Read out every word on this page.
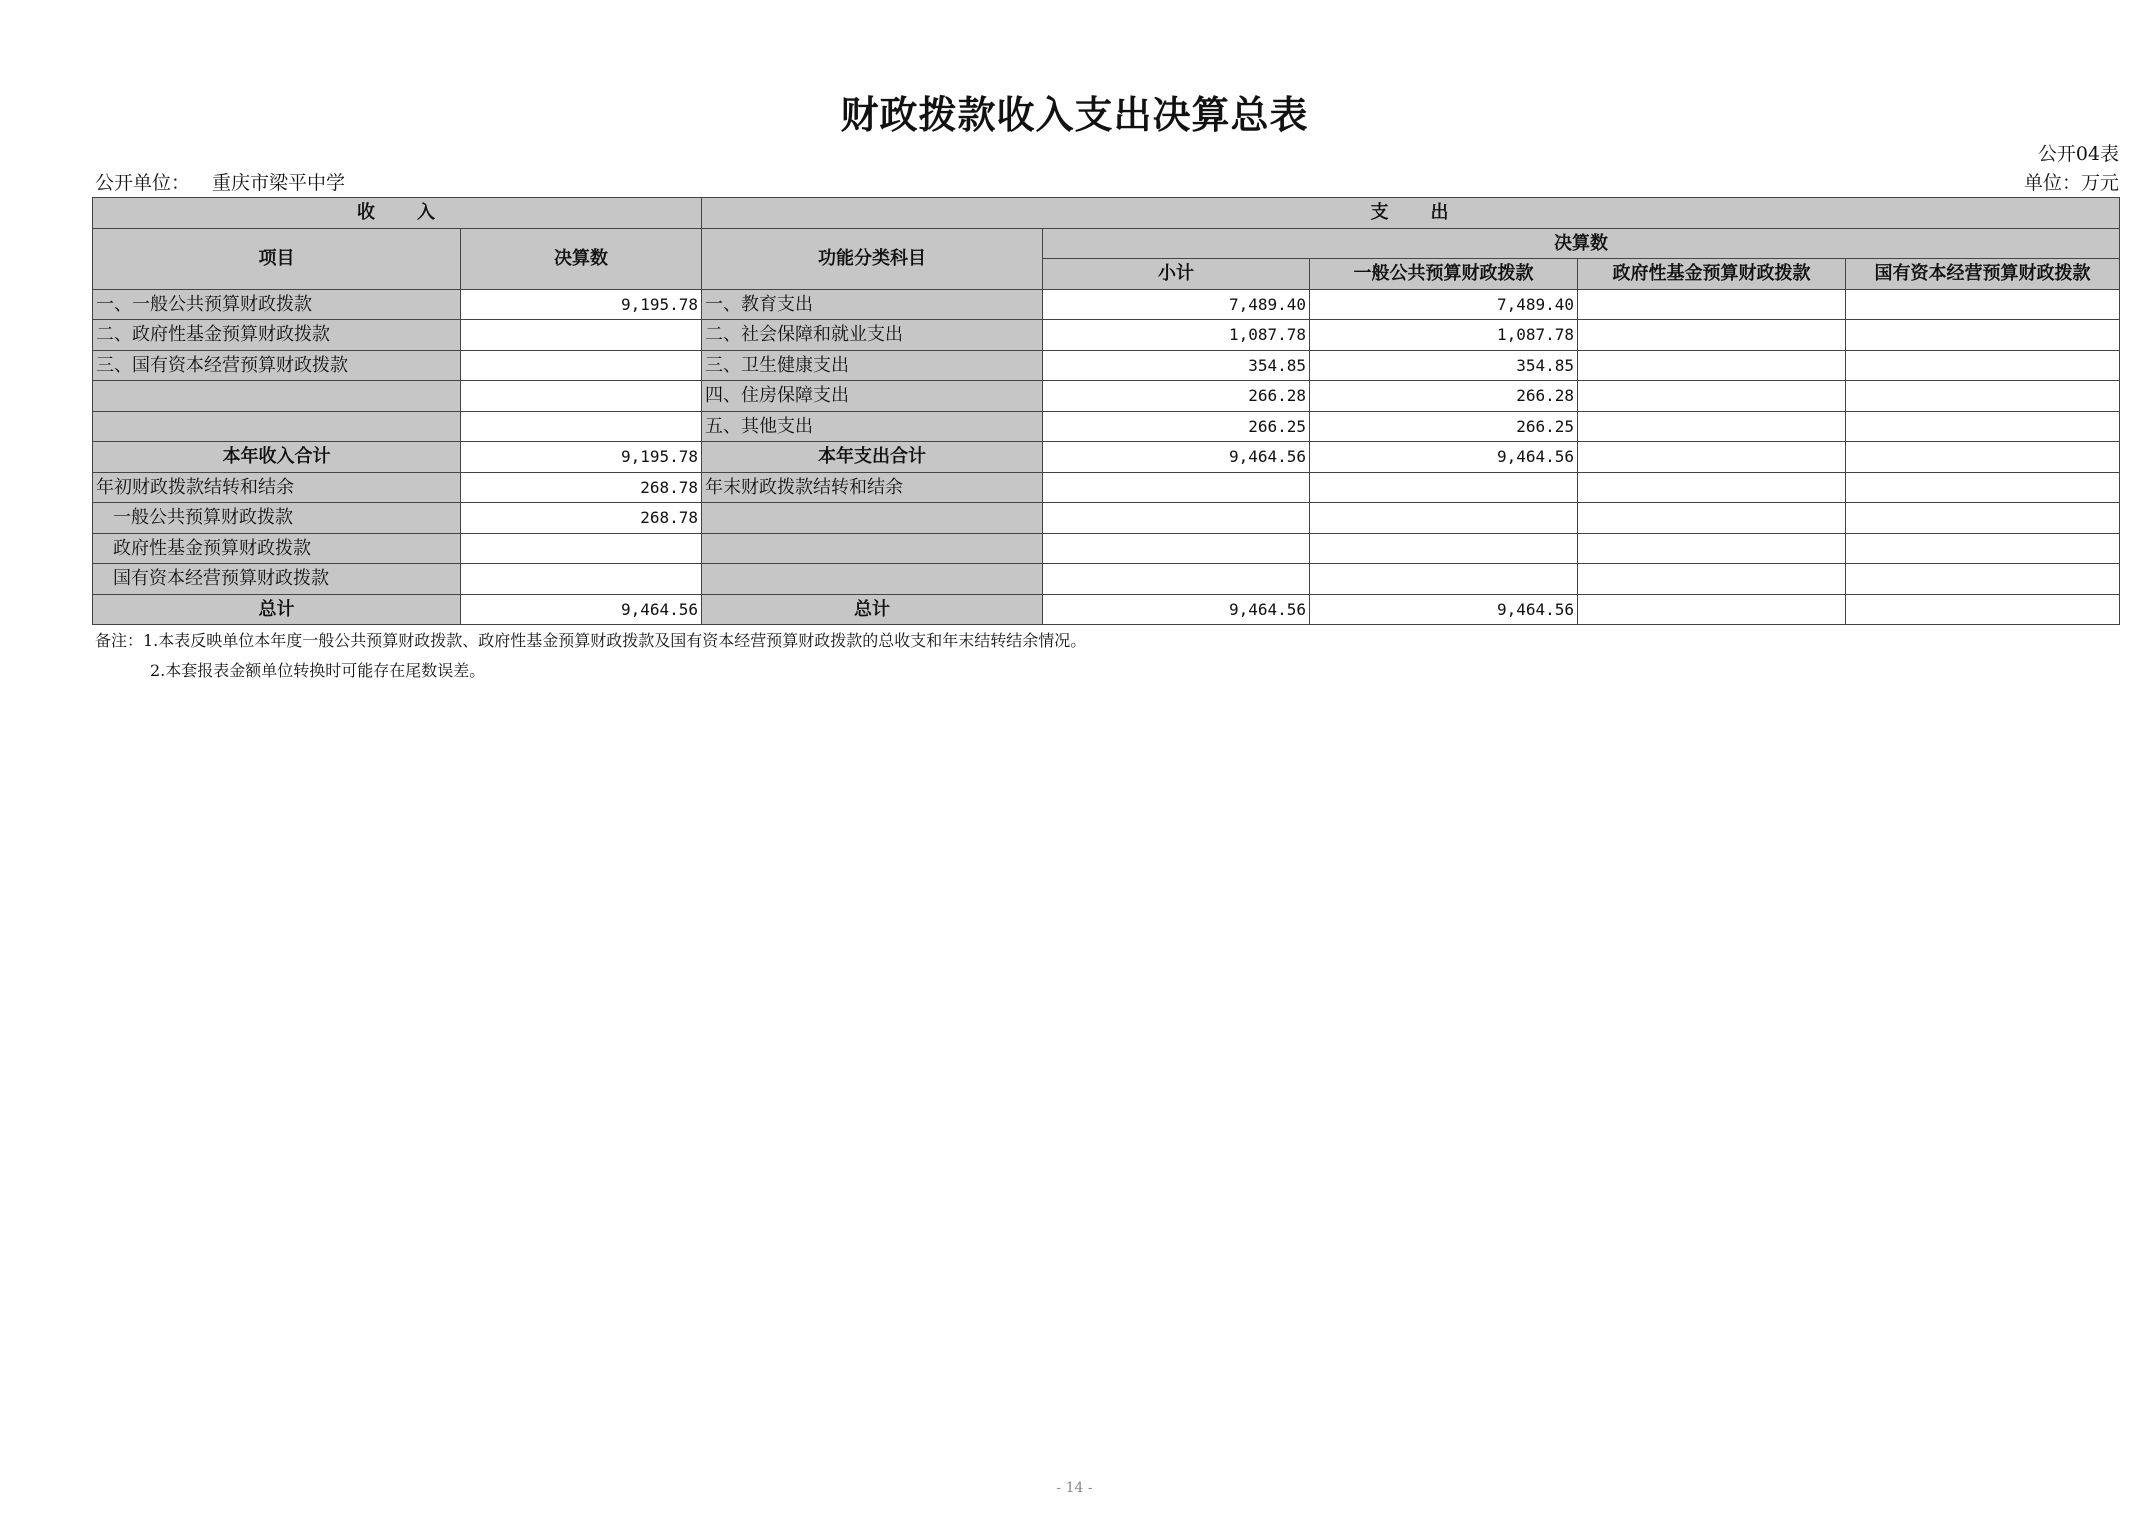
财政拨款收入支出决算总表
公开04表
公开单位： 重庆市梁平中学	单位：万元
收　　入		支　　出				
项目	决算数	功能分类科目	决算数			
			小计	一般公共预算财政拨款	政府性基金预算财政拨款	国有资本经营预算财政拨款
一、一般公共预算财政拨款	9,195.78	一、教育支出	7,489.40	7,489.40		
二、政府性基金预算财政拨款		二、社会保障和就业支出	1,087.78	1,087.78		
三、国有资本经营预算财政拨款		三、卫生健康支出	354.85	354.85		
		四、住房保障支出	266.28	266.28		
		五、其他支出	266.25	266.25		
本年收入合计	9,195.78	本年支出合计	9,464.56	9,464.56		
年初财政拨款结转和结余	268.78	年末财政拨款结转和结余				
一般公共预算财政拨款	268.78					
政府性基金预算财政拨款						
国有资本经营预算财政拨款						
总计	9,464.56	总计	9,464.56	9,464.56		
备注：1.本表反映单位本年度一般公共预算财政拨款、政府性基金预算财政拨款及国有资本经营预算财政拨款的总收支和年末结转结余情况。
2.本套报表金额单位转换时可能存在尾数误差。
- 14 -
